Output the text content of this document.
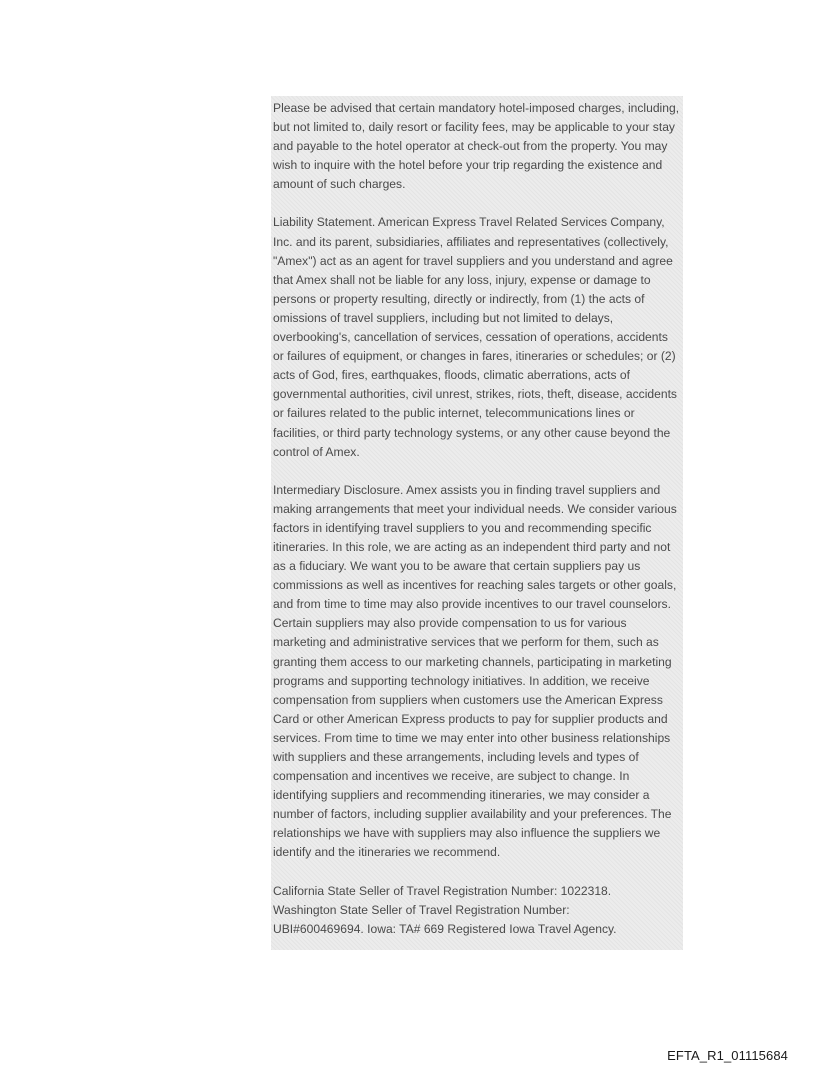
Please be advised that certain mandatory hotel-imposed charges, including,
but not limited to, daily resort or facility fees, may be applicable to your stay
and payable to the hotel operator at check-out from the property. You may
wish to inquire with the hotel before your trip regarding the existence and
amount of such charges.

Liability Statement. American Express Travel Related Services Company,
Inc. and its parent, subsidiaries, affiliates and representatives (collectively,
"Amex") act as an agent for travel suppliers and you understand and agree
that Amex shall not be liable for any loss, injury, expense or damage to
persons or property resulting, directly or indirectly, from (1) the acts of
omissions of travel suppliers, including but not limited to delays,
overbooking's, cancellation of services, cessation of operations, accidents
or failures of equipment, or changes in fares, itineraries or schedules; or (2)
acts of God, fires, earthquakes, floods, climatic aberrations, acts of
governmental authorities, civil unrest, strikes, riots, theft, disease, accidents
or failures related to the public internet, telecommunications lines or
facilities, or third party technology systems, or any other cause beyond the
control of Amex.

Intermediary Disclosure. Amex assists you in finding travel suppliers and
making arrangements that meet your individual needs. We consider various
factors in identifying travel suppliers to you and recommending specific
itineraries. In this role, we are acting as an independent third party and not
as a fiduciary. We want you to be aware that certain suppliers pay us
commissions as well as incentives for reaching sales targets or other goals,
and from time to time may also provide incentives to our travel counselors.
Certain suppliers may also provide compensation to us for various
marketing and administrative services that we perform for them, such as
granting them access to our marketing channels, participating in marketing
programs and supporting technology initiatives. In addition, we receive
compensation from suppliers when customers use the American Express
Card or other American Express products to pay for supplier products and
services. From time to time we may enter into other business relationships
with suppliers and these arrangements, including levels and types of
compensation and incentives we receive, are subject to change. In
identifying suppliers and recommending itineraries, we may consider a
number of factors, including supplier availability and your preferences. The
relationships we have with suppliers may also influence the suppliers we
identify and the itineraries we recommend.

California State Seller of Travel Registration Number: 1022318.
Washington State Seller of Travel Registration Number:
UBI#600469694. Iowa: TA# 669 Registered Iowa Travel Agency.

EFTA_R1_01115684
